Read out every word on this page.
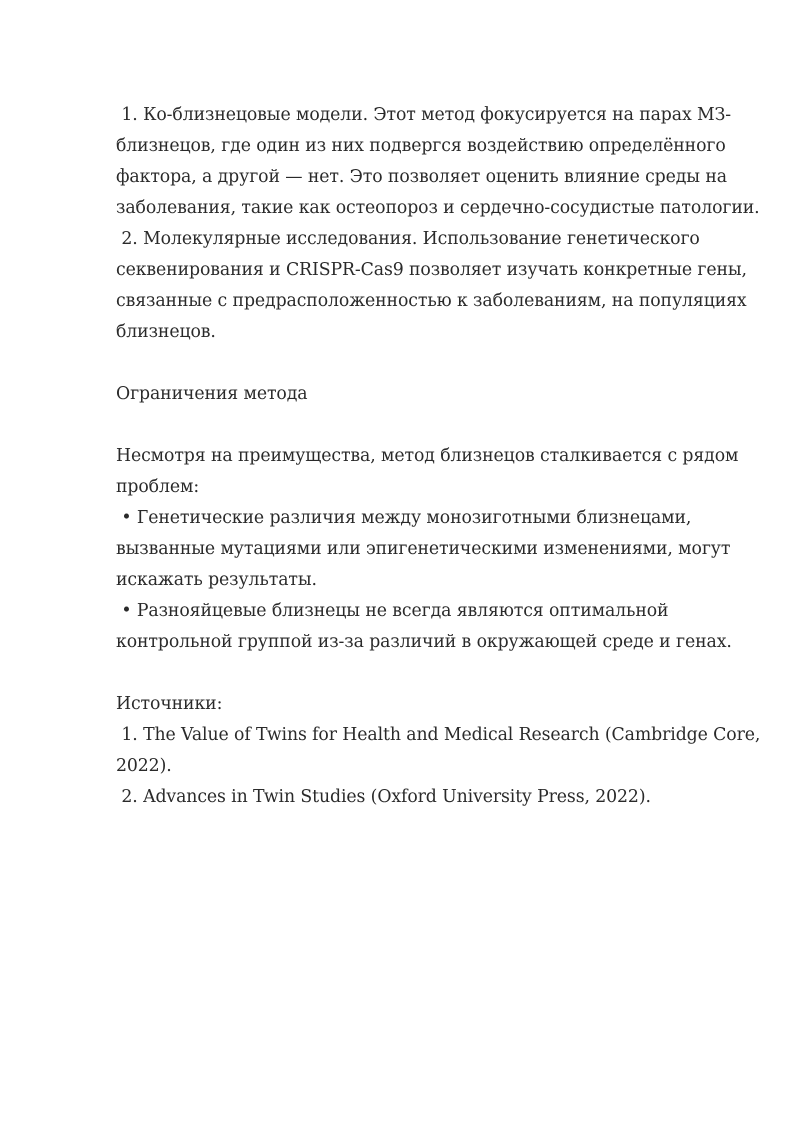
1. Ко-близнецовые модели. Этот метод фокусируется на парах МЗ-
близнецов, где один из них подвергся воздействию определённого
фактора, а другой — нет. Это позволяет оценить влияние среды на
заболевания, такие как остеопороз и сердечно-сосудистые патологии.
2. Молекулярные исследования. Использование генетического
секвенирования и CRISPR-Cas9 позволяет изучать конкретные гены,
связанные с предрасположенностью к заболеваниям, на популяциях
близнецов.
Ограничения метода
Несмотря на преимущества, метод близнецов сталкивается с рядом
проблем:
• Генетические различия между монозиготными близнецами,
вызванные мутациями или эпигенетическими изменениями, могут
искажать результаты.
• Разнояйцевые близнецы не всегда являются оптимальной
контрольной группой из-за различий в окружающей среде и генах.
Источники:
1. The Value of Twins for Health and Medical Research (Cambridge Core,
2022).
2. Advances in Twin Studies (Oxford University Press, 2022).
